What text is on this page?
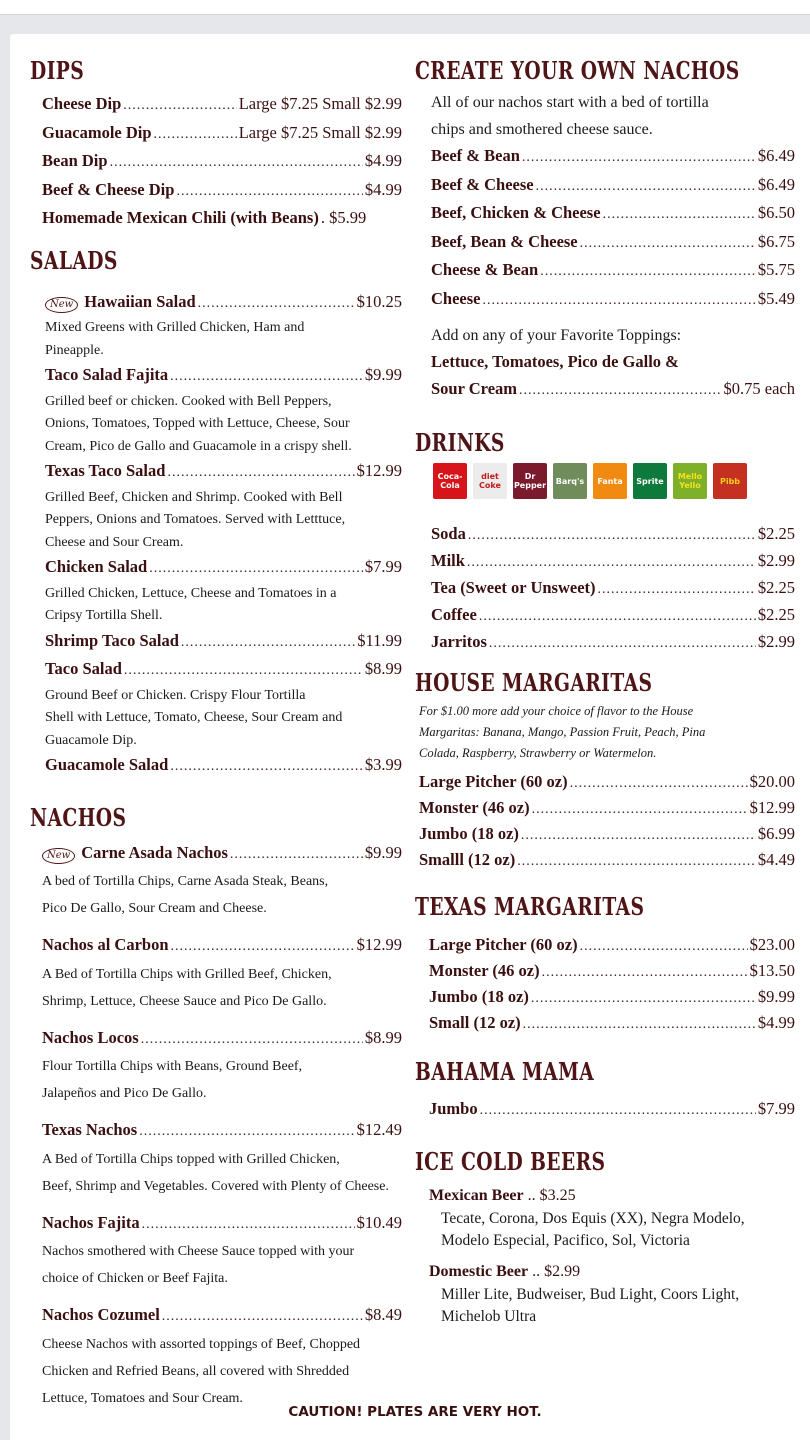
DIPS
Cheese Dip .....	Large $7.25 Small $2.99
Guacamole Dip .....	Large $7.25 Small $2.99
Bean Dip .....	$4.99
Beef & Cheese Dip .....	$4.99
Homemade Mexican Chili (with Beans) . $5.99
SALADS
New Hawaiian Salad .....	$10.25
Mixed Greens with Grilled Chicken, Ham and
Pineapple.
Taco Salad Fajita .....	$9.99
Grilled beef or chicken. Cooked with Bell Peppers,
Onions, Tomatoes, Topped with Lettuce, Cheese, Sour
Cream, Pico de Gallo and Guacamole in a crispy shell.
Texas Taco Salad .....	$12.99
Grilled Beef, Chicken and Shrimp. Cooked with Bell
Peppers, Onions and Tomatoes. Served with Letttuce,
Cheese and Sour Cream.
Chicken Salad .....	$7.99
Grilled Chicken, Lettuce, Cheese and Tomatoes in a
Cripsy Tortilla Shell.
Shrimp Taco Salad .....	$11.99
Taco Salad .....	$8.99
Ground Beef or Chicken. Crispy Flour Tortilla
Shell with Lettuce, Tomato, Cheese, Sour Cream and
Guacamole Dip.
Guacamole Salad .....	$3.99
NACHOS
New Carne Asada Nachos .....	$9.99
A bed of Tortilla Chips, Carne Asada Steak, Beans,
Pico De Gallo, Sour Cream and Cheese.
Nachos al Carbon .....	$12.99
A Bed of Tortilla Chips with Grilled Beef, Chicken,
Shrimp, Lettuce, Cheese Sauce and Pico De Gallo.
Nachos Locos .....	$8.99
Flour Tortilla Chips with Beans, Ground Beef,
Jalapeños and Pico De Gallo.
Texas Nachos .....	$12.49
A Bed of Tortilla Chips topped with Grilled Chicken,
Beef, Shrimp and Vegetables. Covered with Plenty of Cheese.
Nachos Fajita .....	$10.49
Nachos smothered with Cheese Sauce topped with your
choice of Chicken or Beef Fajita.
Nachos Cozumel .....	$8.49
Cheese Nachos with assorted toppings of Beef, Chopped
Chicken and Refried Beans, all covered with Shredded
Lettuce, Tomatoes and Sour Cream.
CREATE YOUR OWN NACHOS
All of our nachos start with a bed of tortilla
chips and smothered cheese sauce.
Beef & Bean .....	$6.49
Beef & Cheese .....	$6.49
Beef, Chicken & Cheese .....	$6.50
Beef, Bean & Cheese .....	$6.75
Cheese & Bean .....	$5.75
Cheese .....	$5.49
Add on any of your Favorite Toppings:
Lettuce, Tomatoes, Pico de Gallo &
Sour Cream .....	$0.75 each
DRINKS
Coca-Cola
diet Coke
Dr Pepper	Barq's	Fanta	Sprite	Mello Yello	Pibb
Soda .....	$2.25
Milk .....	$2.99
Tea (Sweet or Unsweet) .....	$2.25
Coffee .....	$2.25
Jarritos .....	$2.99
HOUSE MARGARITAS
For $1.00 more add your choice of flavor to the House
Margaritas: Banana, Mango, Passion Fruit, Peach, Pina
Colada, Raspberry, Strawberry or Watermelon.
Large Pitcher (60 oz) .....	$20.00
Monster (46 oz) .....	$12.99
Jumbo (18 oz) .....	$6.99
Smalll (12 oz) .....	$4.49
TEXAS MARGARITAS
Large Pitcher (60 oz) .....	$23.00
Monster (46 oz) .....	$13.50
Jumbo (18 oz) .....	$9.99
Small (12 oz) .....	$4.99
BAHAMA MAMA
Jumbo .....	$7.99
ICE COLD BEERS
Mexican Beer .. $3.25
Tecate, Corona, Dos Equis (XX), Negra Modelo,
Modelo Especial, Pacifico, Sol, Victoria
Domestic Beer .. $2.99
Miller Lite, Budweiser, Bud Light, Coors Light,
Michelob Ultra
CAUTION! PLATES ARE VERY HOT.
